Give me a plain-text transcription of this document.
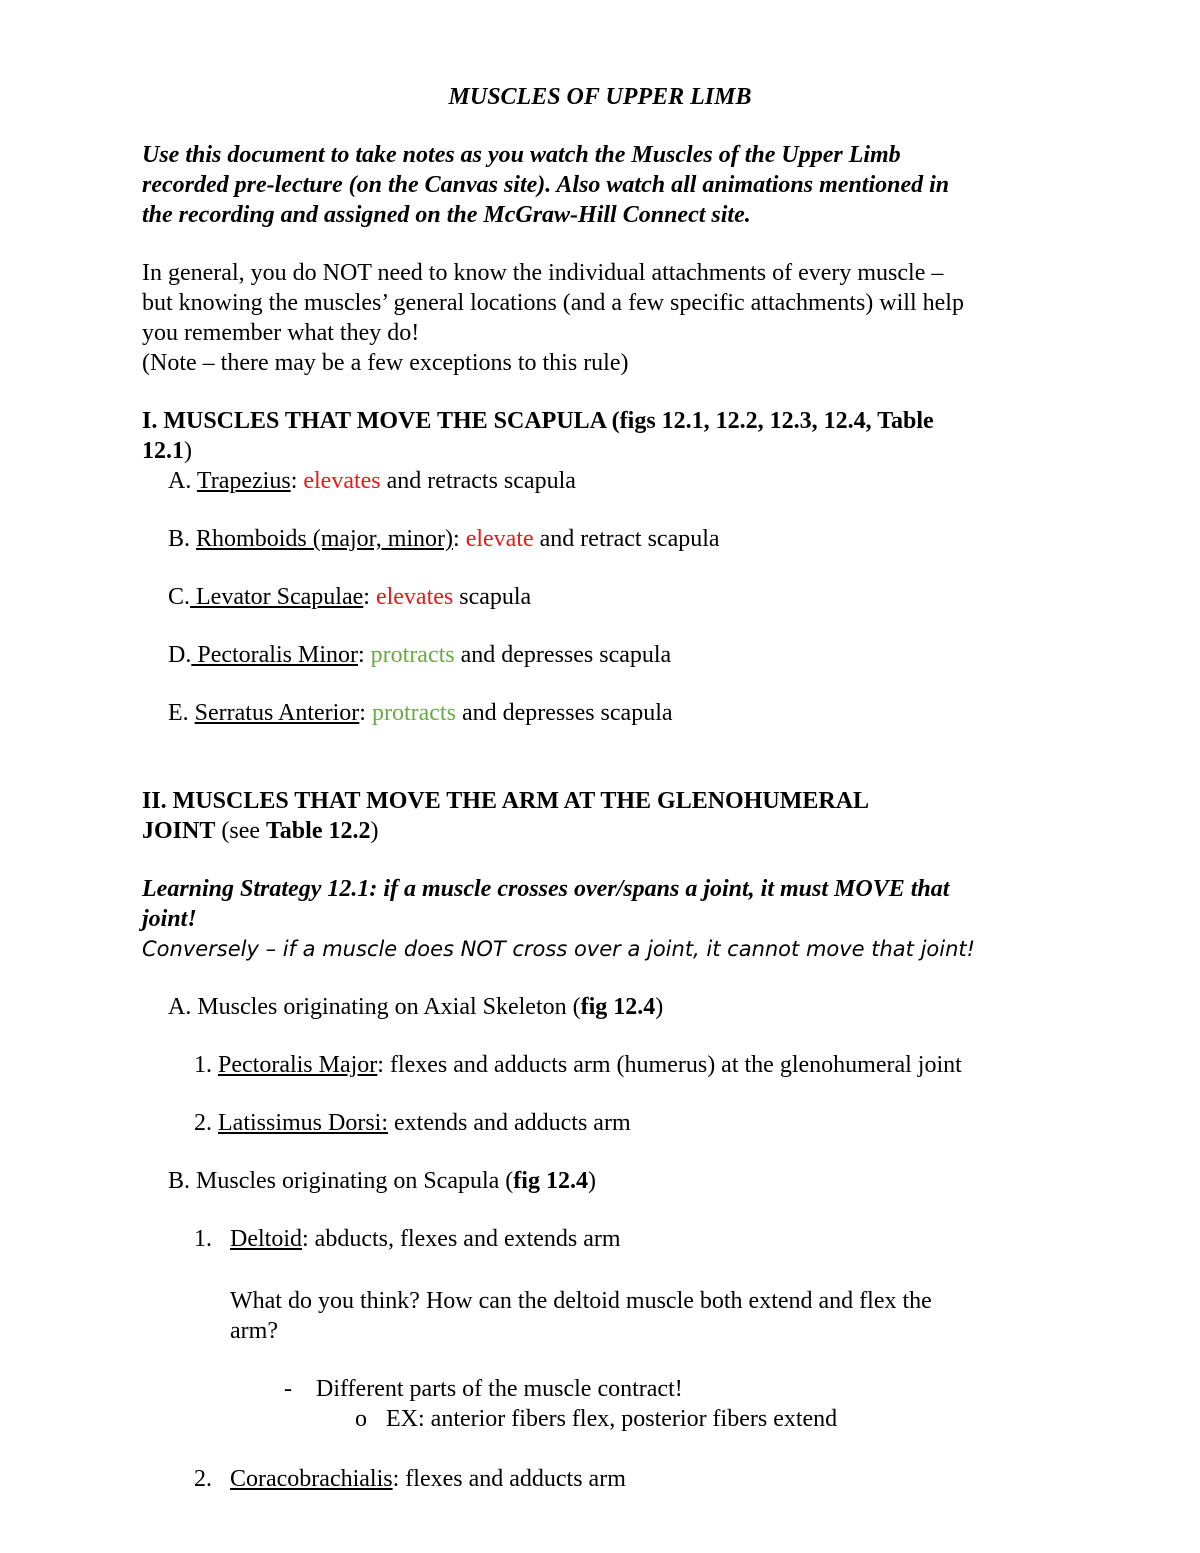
MUSCLES OF UPPER LIMB
Use this document to take notes as you watch the Muscles of the Upper Limb
recorded pre-lecture (on the Canvas site). Also watch all animations mentioned in
the recording and assigned on the McGraw-Hill Connect site.
In general, you do NOT need to know the individual attachments of every muscle –
but knowing the muscles’ general locations (and a few specific attachments) will help
you remember what they do!
(Note – there may be a few exceptions to this rule)
I. MUSCLES THAT MOVE THE SCAPULA (figs 12.1, 12.2, 12.3, 12.4, Table
12.1)
A. Trapezius: elevates and retracts scapula
B. Rhomboids (major, minor): elevate and retract scapula
C. Levator Scapulae: elevates scapula
D. Pectoralis Minor: protracts and depresses scapula
E. Serratus Anterior: protracts and depresses scapula
II. MUSCLES THAT MOVE THE ARM AT THE GLENOHUMERAL
JOINT (see Table 12.2)
Learning Strategy 12.1: if a muscle crosses over/spans a joint, it must MOVE that
joint!
Conversely – if a muscle does NOT cross over a joint, it cannot move that joint!
A. Muscles originating on Axial Skeleton (fig 12.4)
1. Pectoralis Major: flexes and adducts arm (humerus) at the glenohumeral joint
2. Latissimus Dorsi: extends and adducts arm
B. Muscles originating on Scapula (fig 12.4)
1. Deltoid: abducts, flexes and extends arm
What do you think? How can the deltoid muscle both extend and flex the
arm?
- Different parts of the muscle contract!
o EX: anterior fibers flex, posterior fibers extend
2. Coracobrachialis: flexes and adducts arm
